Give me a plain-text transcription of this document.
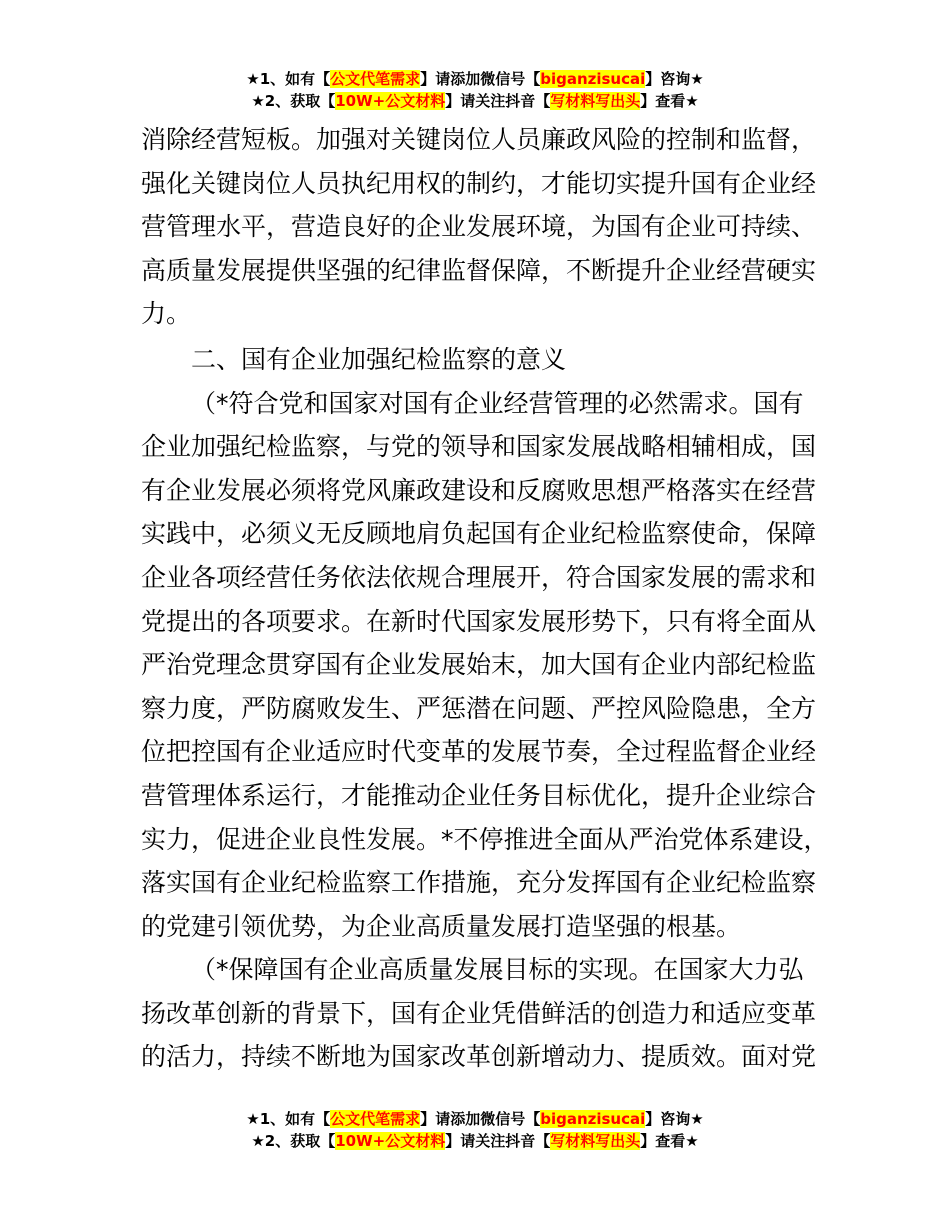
★1、如有【公文代笔需求】请添加微信号【biganzisucai】咨询★
★2、获取【10W+公文材料】请关注抖音【写材料写出头】查看★
消除经营短板。加强对关键岗位人员廉政风险的控制和监督，
强化关键岗位人员执纪用权的制约，才能切实提升国有企业经
营管理水平，营造良好的企业发展环境，为国有企业可持续、
高质量发展提供坚强的纪律监督保障，不断提升企业经营硬实
力。
二、国有企业加强纪检监察的意义
（*符合党和国家对国有企业经营管理的必然需求。国有
企业加强纪检监察，与党的领导和国家发展战略相辅相成，国
有企业发展必须将党风廉政建设和反腐败思想严格落实在经营
实践中，必须义无反顾地肩负起国有企业纪检监察使命，保障
企业各项经营任务依法依规合理展开，符合国家发展的需求和
党提出的各项要求。在新时代国家发展形势下，只有将全面从
严治党理念贯穿国有企业发展始末，加大国有企业内部纪检监
察力度，严防腐败发生、严惩潜在问题、严控风险隐患，全方
位把控国有企业适应时代变革的发展节奏，全过程监督企业经
营管理体系运行，才能推动企业任务目标优化，提升企业综合
实力，促进企业良性发展。*不停推进全面从严治党体系建设，
落实国有企业纪检监察工作措施，充分发挥国有企业纪检监察
的党建引领优势，为企业高质量发展打造坚强的根基。
（*保障国有企业高质量发展目标的实现。在国家大力弘
扬改革创新的背景下，国有企业凭借鲜活的创造力和适应变革
的活力，持续不断地为国家改革创新增动力、提质效。面对党
★1、如有【公文代笔需求】请添加微信号【biganzisucai】咨询★
★2、获取【10W+公文材料】请关注抖音【写材料写出头】查看★
